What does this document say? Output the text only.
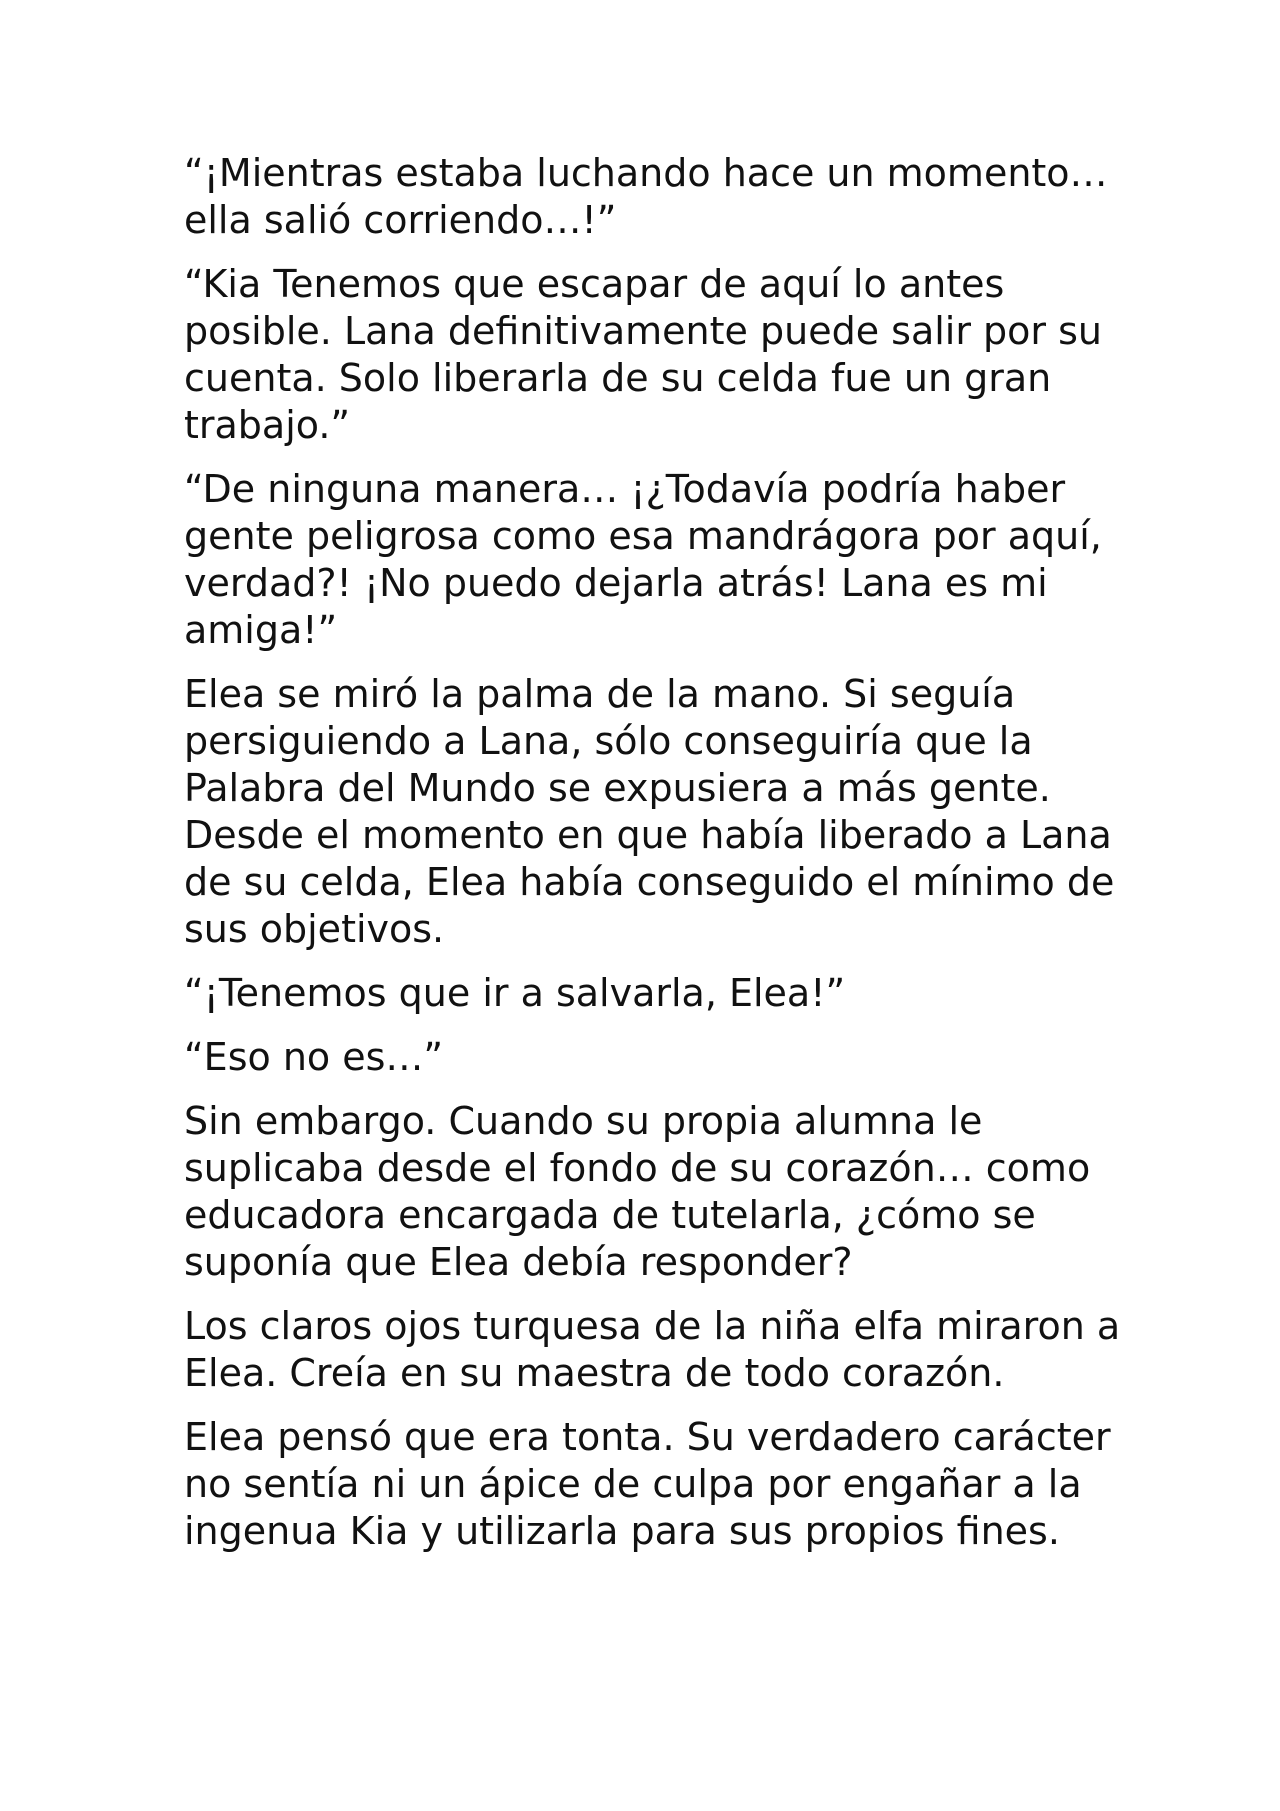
“¡Mientras estaba luchando hace un momento… ella salió corriendo…!”

“Kia Tenemos que escapar de aquí lo antes posible. Lana definitivamente puede salir por su cuenta. Solo liberarla de su celda fue un gran trabajo.”

“De ninguna manera… ¡¿Todavía podría haber gente peligrosa como esa mandrágora por aquí, verdad?! ¡No puedo dejarla atrás! Lana es mi amiga!”

Elea se miró la palma de la mano. Si seguía persiguiendo a Lana, sólo conseguiría que la Palabra del Mundo se expusiera a más gente. Desde el momento en que había liberado a Lana de su celda, Elea había conseguido el mínimo de sus objetivos.

“¡Tenemos que ir a salvarla, Elea!”

“Eso no es…”

Sin embargo. Cuando su propia alumna le suplicaba desde el fondo de su corazón… como educadora encargada de tutelarla, ¿cómo se suponía que Elea debía responder?

Los claros ojos turquesa de la niña elfa miraron a Elea. Creía en su maestra de todo corazón.

Elea pensó que era tonta. Su verdadero carácter no sentía ni un ápice de culpa por engañar a la ingenua Kia y utilizarla para sus propios fines.
